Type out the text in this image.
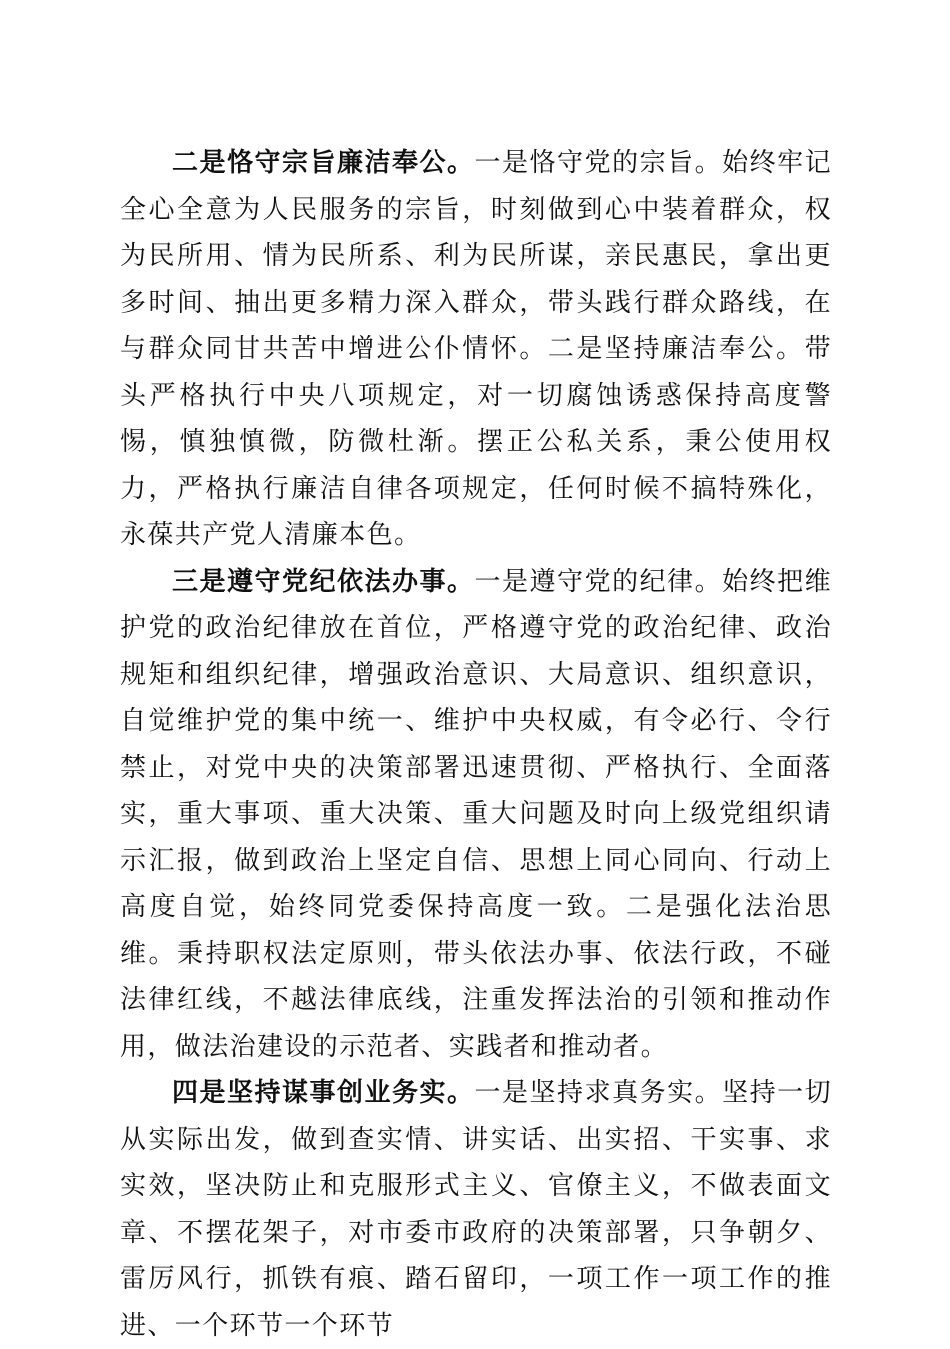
二是恪守宗旨廉洁奉公。一是恪守党的宗旨。始终牢记全心全意为人民服务的宗旨，时刻做到心中装着群众，权为民所用、情为民所系、利为民所谋，亲民惠民，拿出更多时间、抽出更多精力深入群众，带头践行群众路线，在与群众同甘共苦中增进公仆情怀。二是坚持廉洁奉公。带头严格执行中央八项规定，对一切腐蚀诱惑保持高度警惕，慎独慎微，防微杜渐。摆正公私关系，秉公使用权力，严格执行廉洁自律各项规定，任何时候不搞特殊化，永葆共产党人清廉本色。

三是遵守党纪依法办事。一是遵守党的纪律。始终把维护党的政治纪律放在首位，严格遵守党的政治纪律、政治规矩和组织纪律，增强政治意识、大局意识、组织意识，自觉维护党的集中统一、维护中央权威，有令必行、令行禁止，对党中央的决策部署迅速贯彻、严格执行、全面落实，重大事项、重大决策、重大问题及时向上级党组织请示汇报，做到政治上坚定自信、思想上同心同向、行动上高度自觉，始终同党委保持高度一致。二是强化法治思维。秉持职权法定原则，带头依法办事、依法行政，不碰法律红线，不越法律底线，注重发挥法治的引领和推动作用，做法治建设的示范者、实践者和推动者。

四是坚持谋事创业务实。一是坚持求真务实。坚持一切从实际出发，做到查实情、讲实话、出实招、干实事、求实效，坚决防止和克服形式主义、官僚主义，不做表面文章、不摆花架子，对市委市政府的决策部署，只争朝夕、雷厉风行，抓铁有痕、踏石留印，一项工作一项工作的推进、一个环节一个环节
